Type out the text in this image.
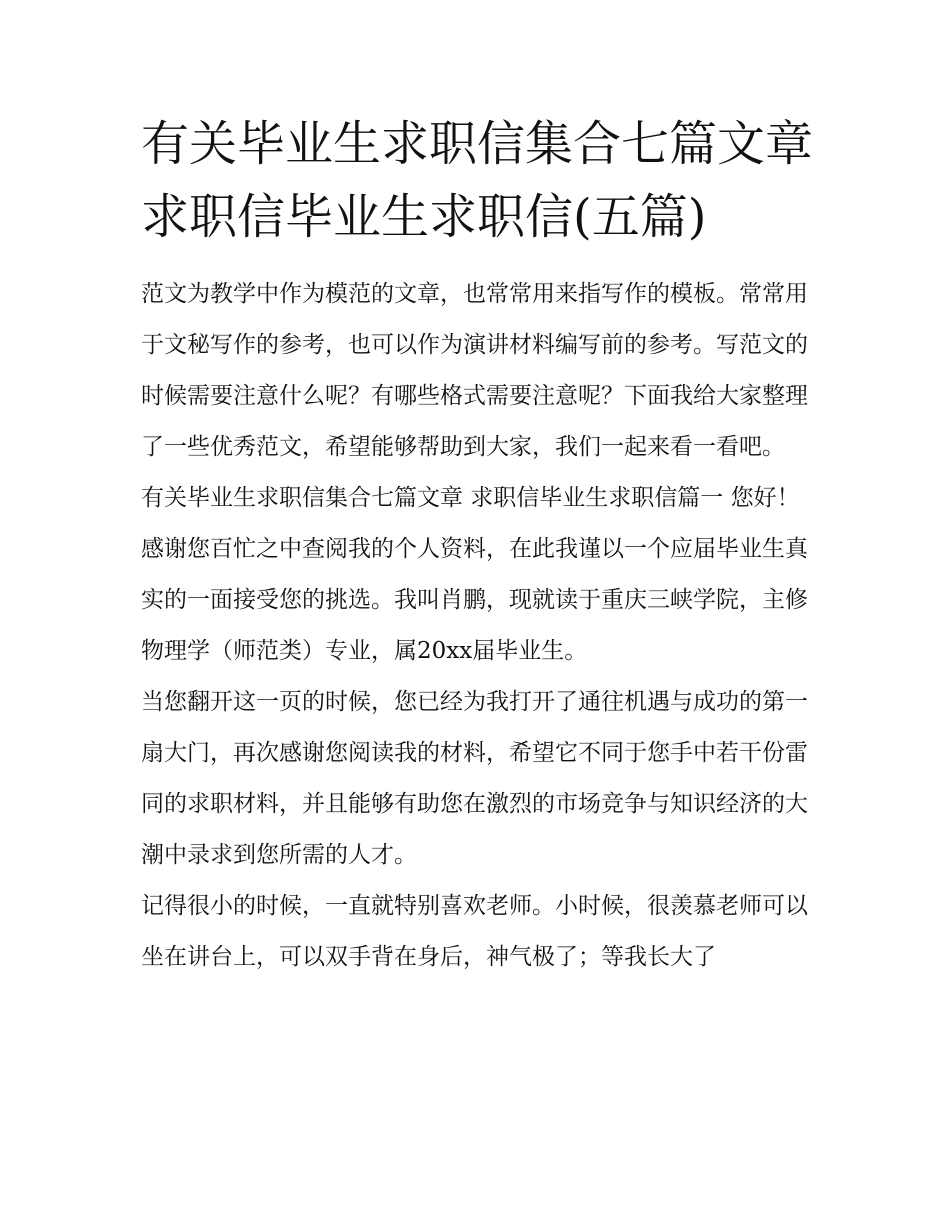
有关毕业生求职信集合七篇文章 求职信毕业生求职信(五篇)

范文为教学中作为模范的文章，也常常用来指写作的模板。常常用于文秘写作的参考，也可以作为演讲材料编写前的参考。写范文的时候需要注意什么呢？有哪些格式需要注意呢？下面我给大家整理了一些优秀范文，希望能够帮助到大家，我们一起来看一看吧。

有关毕业生求职信集合七篇文章 求职信毕业生求职信篇一 您好！

感谢您百忙之中查阅我的个人资料，在此我谨以一个应届毕业生真实的一面接受您的挑选。我叫肖鹏，现就读于重庆三峡学院，主修物理学（师范类）专业，属20xx届毕业生。

当您翻开这一页的时候，您已经为我打开了通往机遇与成功的第一扇大门，再次感谢您阅读我的材料，希望它不同于您手中若干份雷同的求职材料，并且能够有助您在激烈的市场竞争与知识经济的大潮中录求到您所需的人才。

记得很小的时候，一直就特别喜欢老师。小时候，很羡慕老师可以坐在讲台上，可以双手背在身后，神气极了；等我长大了
